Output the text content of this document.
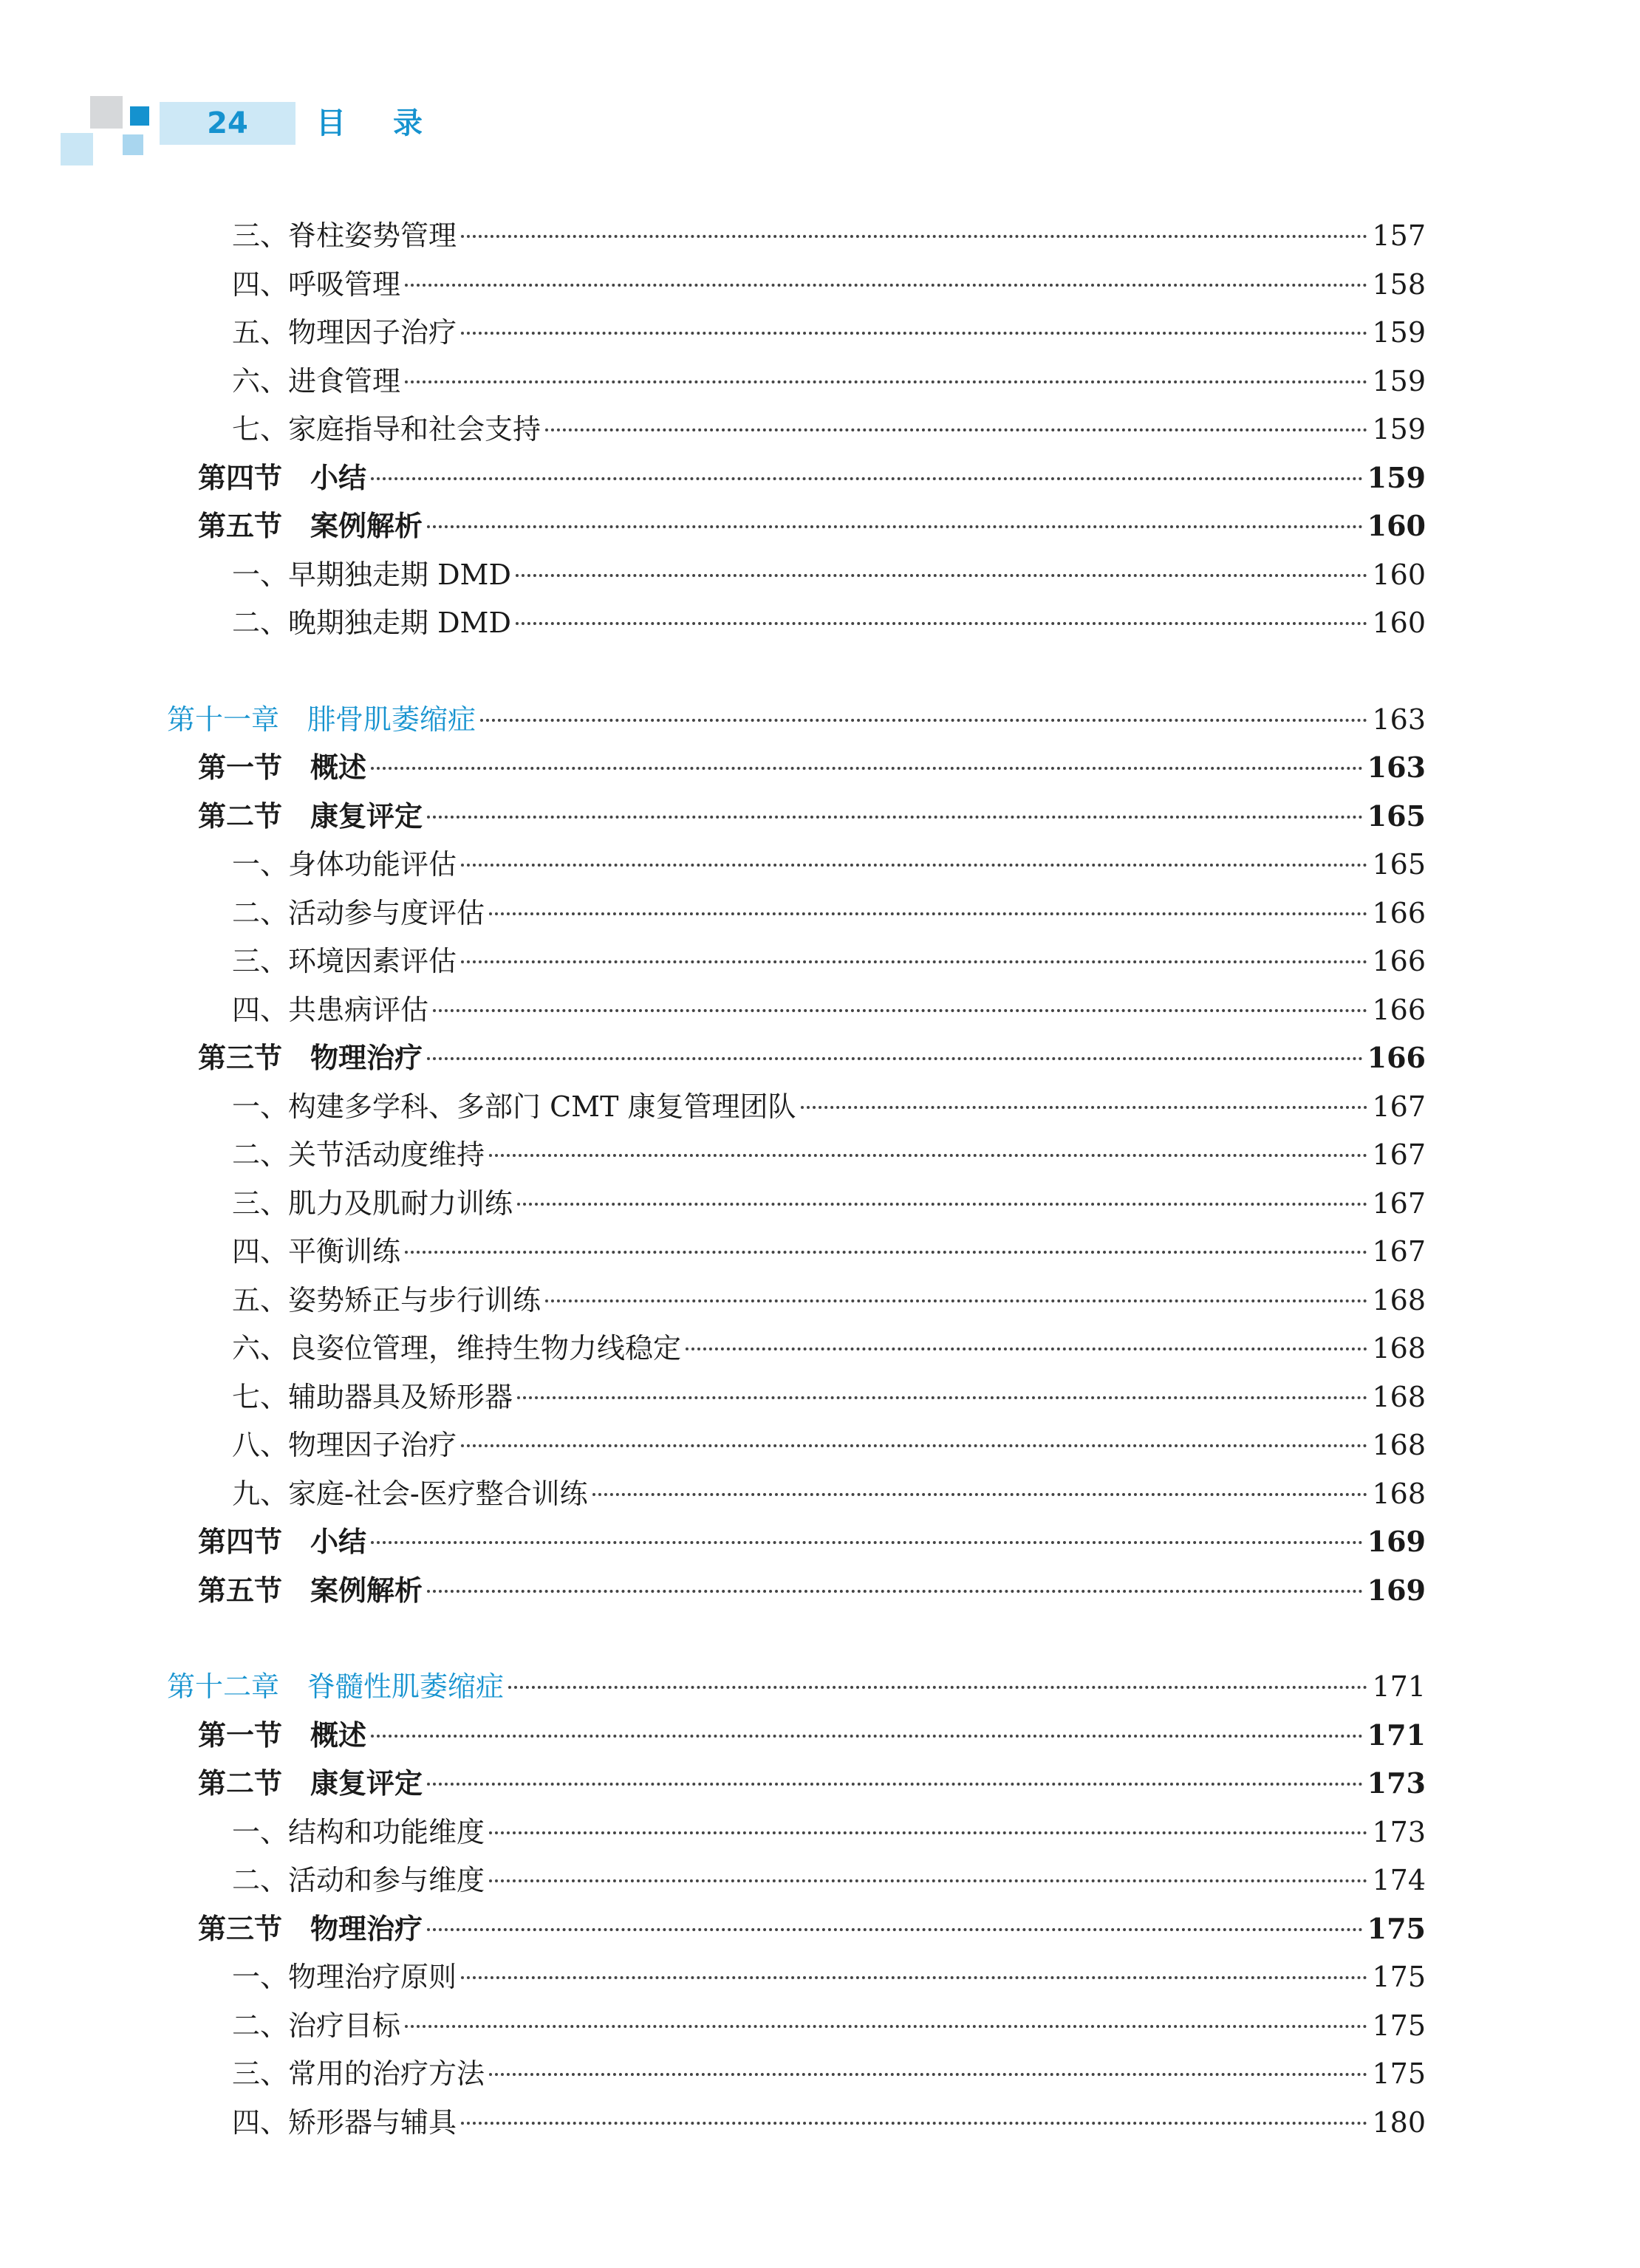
24	目录
三、脊柱姿势管理	157
四、呼吸管理	158
五、物理因子治疗	159
六、进食管理	159
七、家庭指导和社会支持	159
第四节　小结	159
第五节　案例解析	160
一、早期独走期 DMD	160
二、晚期独走期 DMD	160
第十一章　腓骨肌萎缩症	163
第一节　概述	163
第二节　康复评定	165
一、身体功能评估	165
二、活动参与度评估	166
三、环境因素评估	166
四、共患病评估	166
第三节　物理治疗	166
一、构建多学科、多部门 CMT 康复管理团队	167
二、关节活动度维持	167
三、肌力及肌耐力训练	167
四、平衡训练	167
五、姿势矫正与步行训练	168
六、良姿位管理，维持生物力线稳定	168
七、辅助器具及矫形器	168
八、物理因子治疗	168
九、家庭-社会-医疗整合训练	168
第四节　小结	169
第五节　案例解析	169
第十二章　脊髓性肌萎缩症	171
第一节　概述	171
第二节　康复评定	173
一、结构和功能维度	173
二、活动和参与维度	174
第三节　物理治疗	175
一、物理治疗原则	175
二、治疗目标	175
三、常用的治疗方法	175
四、矫形器与辅具	180
